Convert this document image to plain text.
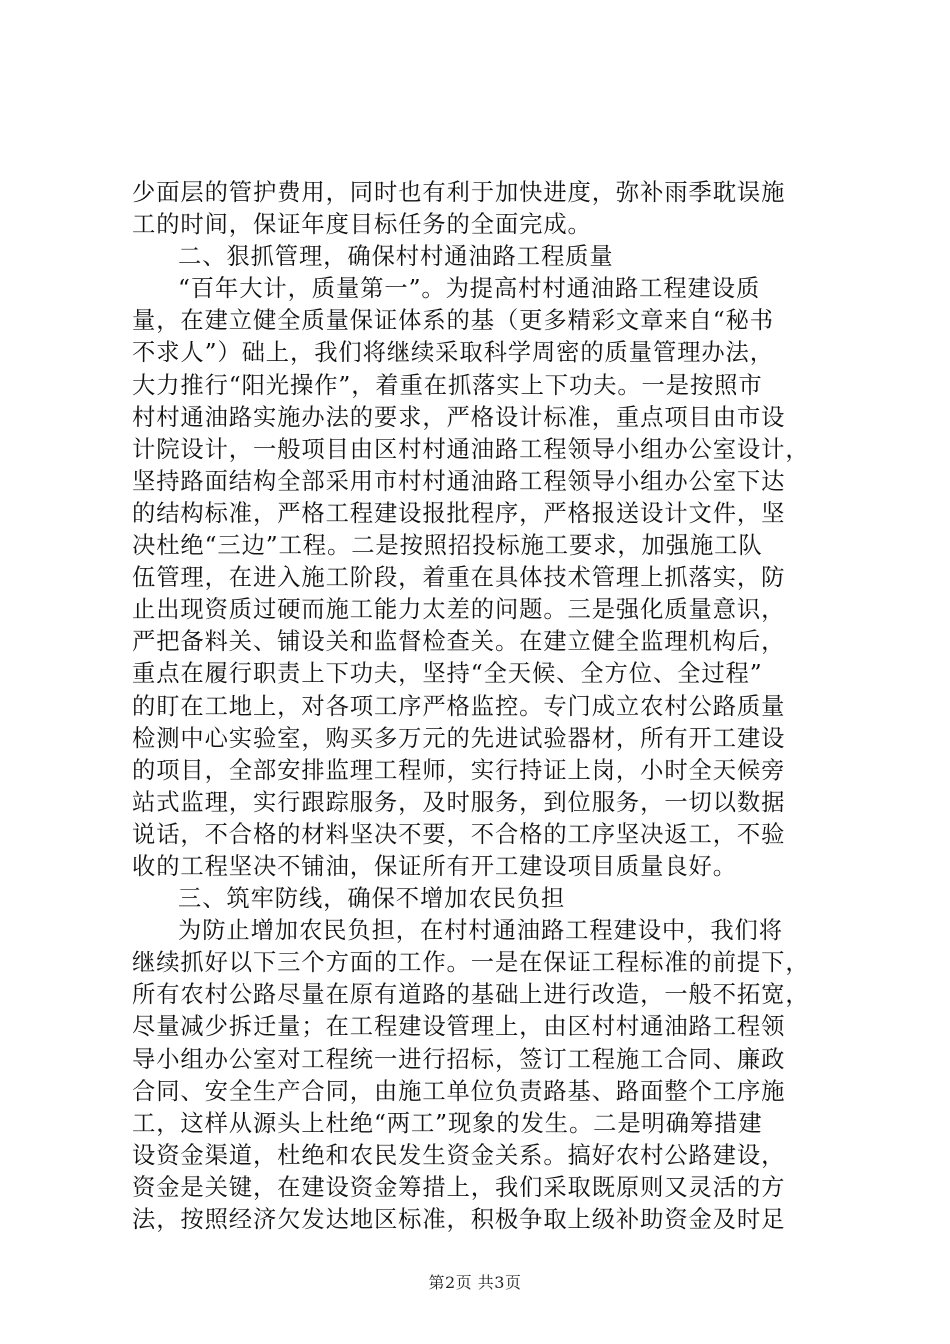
少面层的管护费用，同时也有利于加快进度，弥补雨季耽误施
工的时间，保证年度目标任务的全面完成。
二、狠抓管理，确保村村通油路工程质量
“百年大计，质量第一”。为提高村村通油路工程建设质
量，在建立健全质量保证体系的基（更多精彩文章来自“秘书
不求人”）础上，我们将继续采取科学周密的质量管理办法，
大力推行“阳光操作”，着重在抓落实上下功夫。一是按照市
村村通油路实施办法的要求，严格设计标准，重点项目由市设
计院设计，一般项目由区村村通油路工程领导小组办公室设计，
坚持路面结构全部采用市村村通油路工程领导小组办公室下达
的结构标准，严格工程建设报批程序，严格报送设计文件，坚
决杜绝“三边”工程。二是按照招投标施工要求，加强施工队
伍管理，在进入施工阶段，着重在具体技术管理上抓落实，防
止出现资质过硬而施工能力太差的问题。三是强化质量意识，
严把备料关、铺设关和监督检查关。在建立健全监理机构后，
重点在履行职责上下功夫，坚持“全天候、全方位、全过程”
的盯在工地上，对各项工序严格监控。专门成立农村公路质量
检测中心实验室，购买多万元的先进试验器材，所有开工建设
的项目，全部安排监理工程师，实行持证上岗，小时全天候旁
站式监理，实行跟踪服务，及时服务，到位服务，一切以数据
说话，不合格的材料坚决不要，不合格的工序坚决返工，不验
收的工程坚决不铺油，保证所有开工建设项目质量良好。
三、筑牢防线，确保不增加农民负担
为防止增加农民负担，在村村通油路工程建设中，我们将
继续抓好以下三个方面的工作。一是在保证工程标准的前提下，
所有农村公路尽量在原有道路的基础上进行改造，一般不拓宽，
尽量减少拆迁量；在工程建设管理上，由区村村通油路工程领
导小组办公室对工程统一进行招标，签订工程施工合同、廉政
合同、安全生产合同，由施工单位负责路基、路面整个工序施
工，这样从源头上杜绝“两工”现象的发生。二是明确筹措建
设资金渠道，杜绝和农民发生资金关系。搞好农村公路建设，
资金是关键，在建设资金筹措上，我们采取既原则又灵活的方
法，按照经济欠发达地区标准，积极争取上级补助资金及时足
第2页 共3页
